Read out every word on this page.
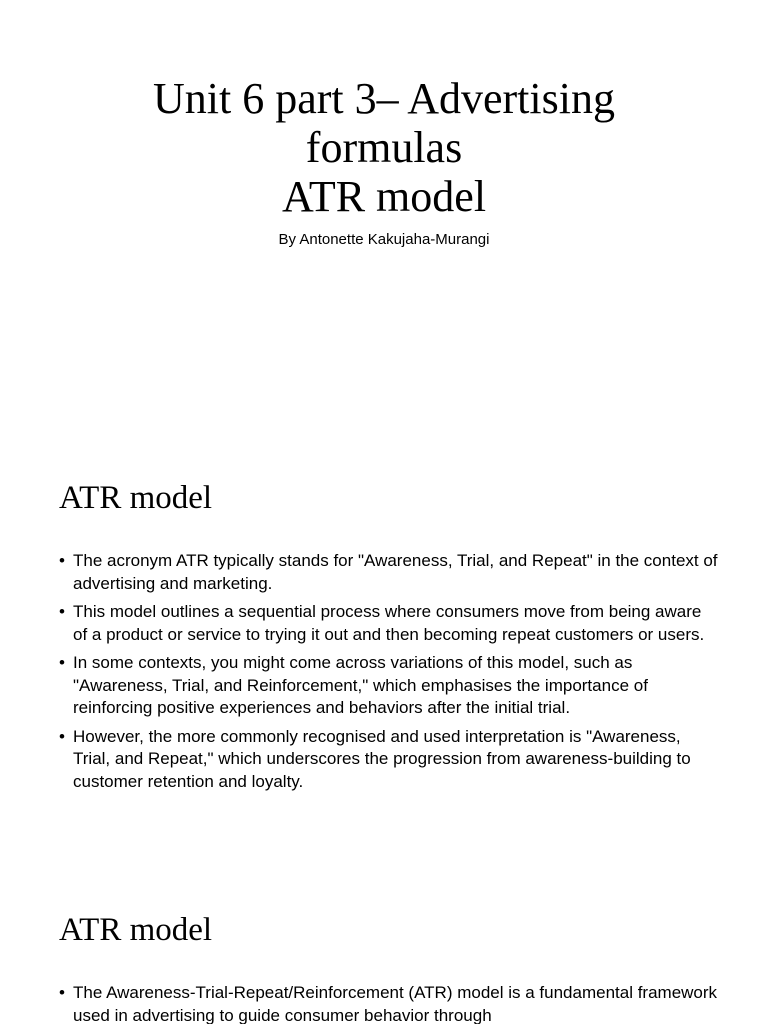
Unit 6 part 3– Advertising
formulas
ATR model
By Antonette Kakujaha-Murangi
ATR model
• The acronym ATR typically stands for "Awareness, Trial, and Repeat" in the context of advertising and marketing.
• This model outlines a sequential process where consumers move from being aware of a product or service to trying it out and then becoming repeat customers or users.
• In some contexts, you might come across variations of this model, such as "Awareness, Trial, and Reinforcement," which emphasises the importance of reinforcing positive experiences and behaviors after the initial trial.
• However, the more commonly recognised and used interpretation is "Awareness, Trial, and Repeat," which underscores the progression from awareness-building to customer retention and loyalty.
ATR model
• The Awareness-Trial-Repeat/Reinforcement (ATR) model is a fundamental framework used in advertising to guide consumer behavior through
